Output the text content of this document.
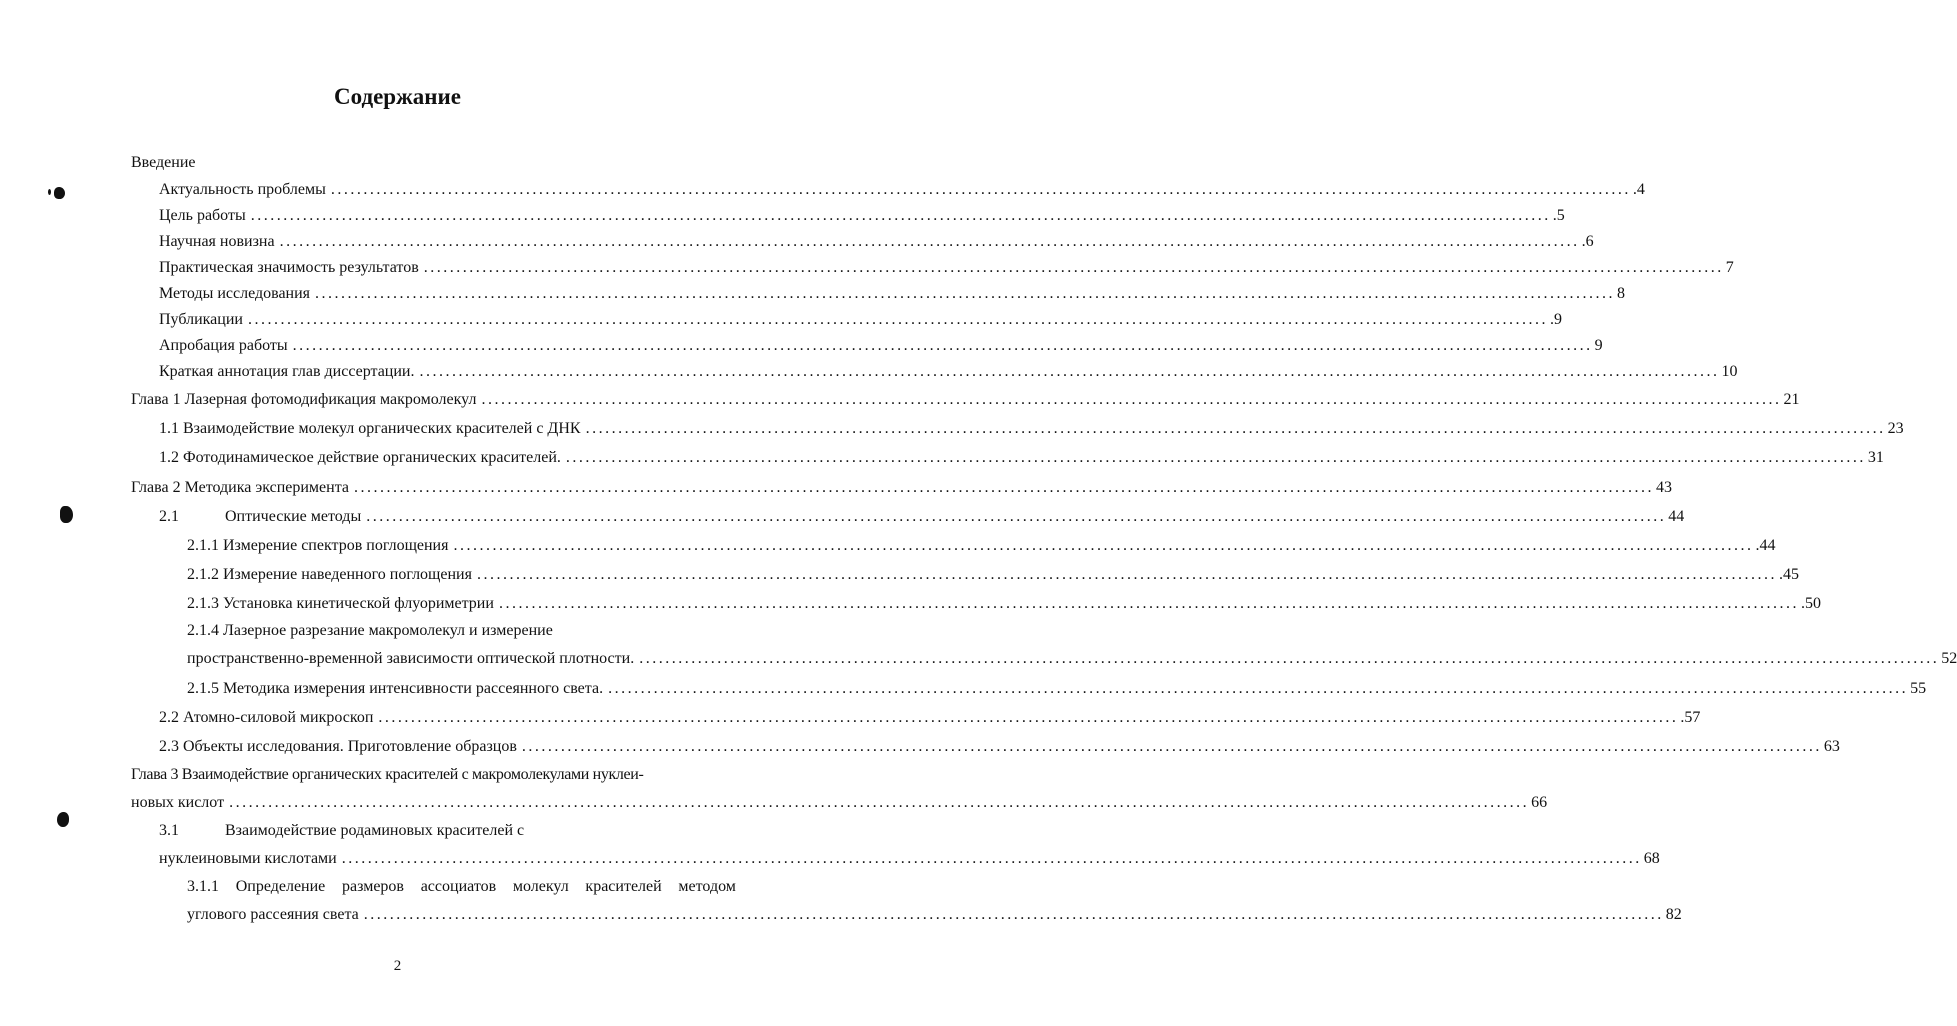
Содержание
Введение
Актуальность проблемы ........................................................................................................................................................................................................ .4
Цель работы ........................................................................................................................................................................................................ .5
Научная новизна ........................................................................................................................................................................................................ .6
Практическая значимость результатов ........................................................................................................................................................................................................ 7
Методы исследования ........................................................................................................................................................................................................ 8
Публикации ........................................................................................................................................................................................................ .9
Апробация работы ........................................................................................................................................................................................................ 9
Краткая аннотация глав диссертации. ........................................................................................................................................................................................................ 10
Глава 1 Лазерная фотомодификация макромолекул ........................................................................................................................................................................................................ 21
1.1 Взаимодействие молекул органических красителей с ДНК ........................................................................................................................................................................................................ 23
1.2 Фотодинамическое действие органических красителей. ........................................................................................................................................................................................................ 31
Глава 2 Методика эксперимента ........................................................................................................................................................................................................ 43
2.1	Оптические методы ........................................................................................................................................................................................................ 44
2.1.1 Измерение спектров поглощения ........................................................................................................................................................................................................ .44
2.1.2 Измерение наведенного поглощения ........................................................................................................................................................................................................ .45
2.1.3 Установка кинетической флуориметрии ........................................................................................................................................................................................................ .50
2.1.4 Лазерное разрезание макромолекул и измерение
пространственно-временной зависимости оптической плотности. ........................................................................................................................................................................................................ 52
2.1.5 Методика измерения интенсивности рассеянного света. ........................................................................................................................................................................................................ 55
2.2 Атомно-силовой микроскоп ........................................................................................................................................................................................................ .57
2.3 Объекты исследования. Приготовление образцов ........................................................................................................................................................................................................ 63
Глава 3 Взаимодействие органических красителей с макромолекулами нуклеи-
новых кислот ........................................................................................................................................................................................................ 66
3.1	Взаимодействие родаминовых красителей с
нуклеиновыми кислотами ........................................................................................................................................................................................................ 68
3.1.1 Определение размеров ассоциатов молекул красителей методом
углового рассеяния света ........................................................................................................................................................................................................ 82
2
